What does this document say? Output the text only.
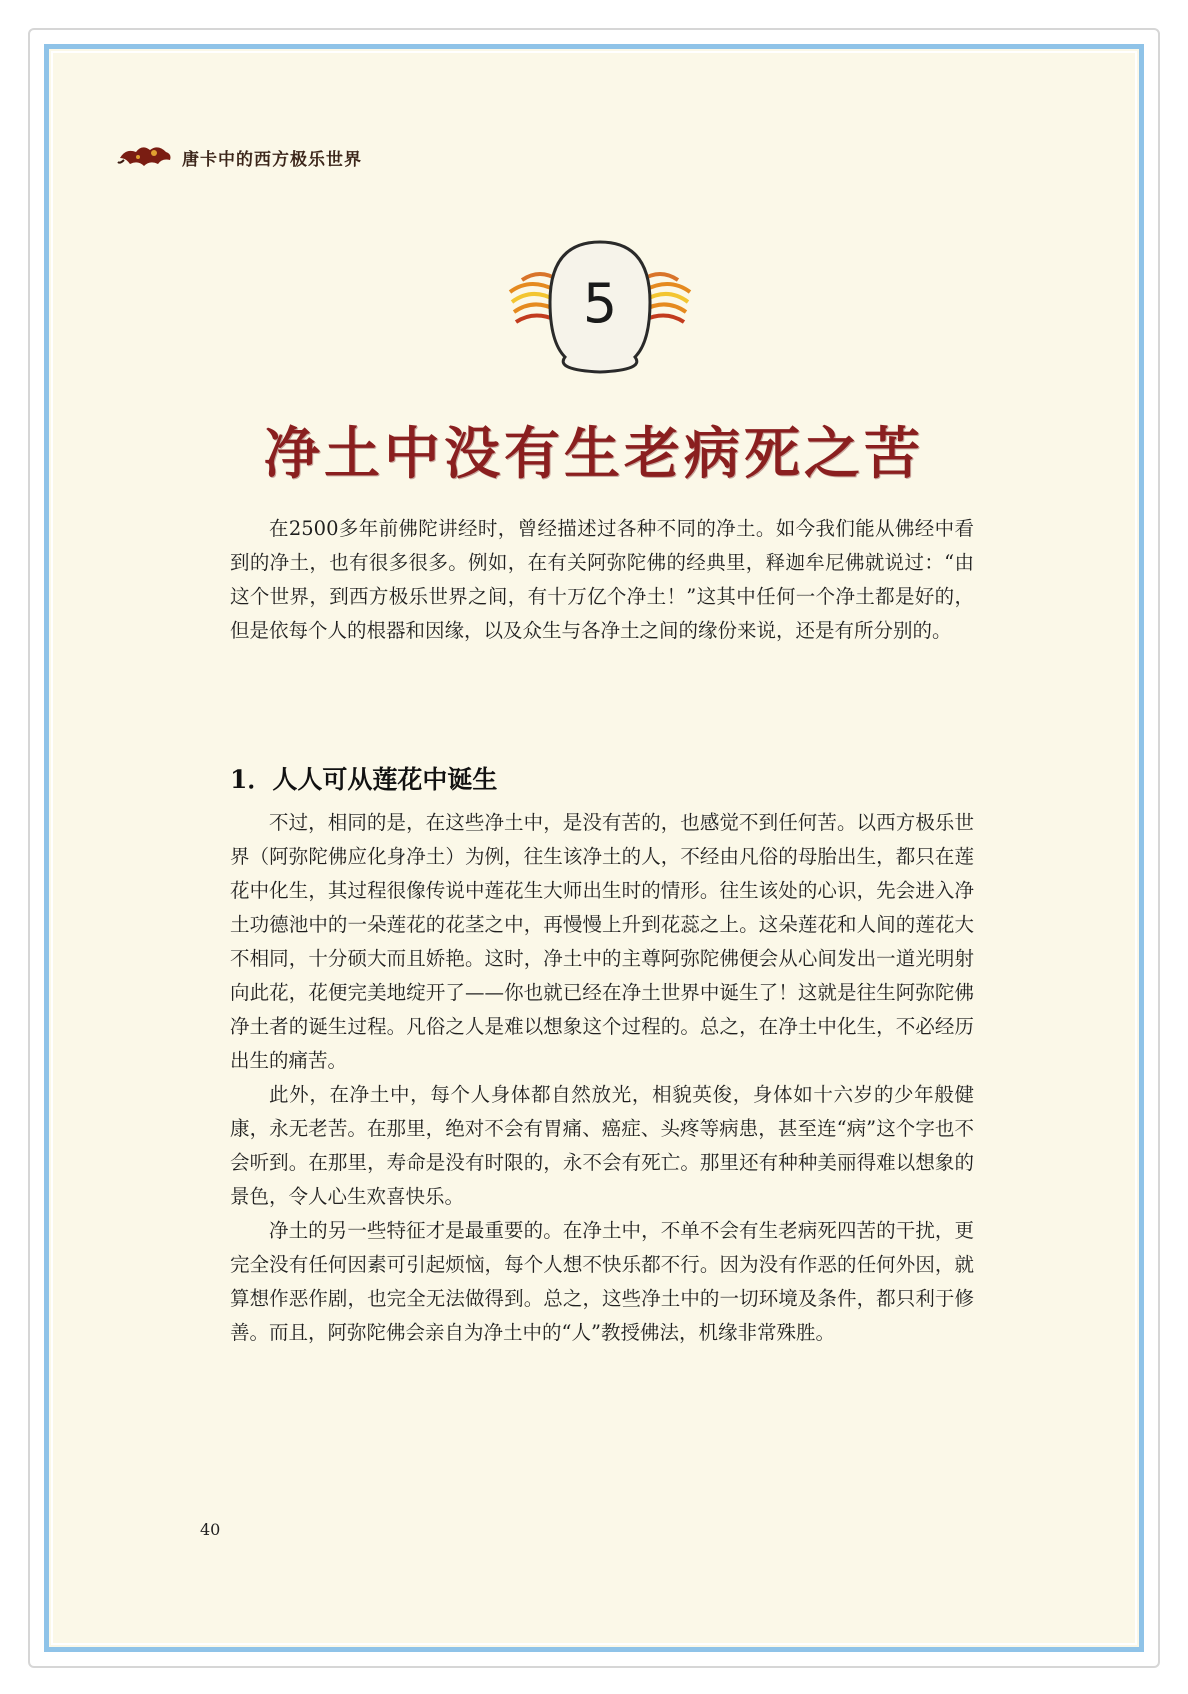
唐卡中的西方极乐世界
5
净土中没有生老病死之苦

在2500多年前佛陀讲经时，曾经描述过各种不同的净土。如今我们能从佛经中看到的净土，也有很多很多。例如，在有关阿弥陀佛的经典里，释迦牟尼佛就说过：“由这个世界，到西方极乐世界之间，有十万亿个净土！”这其中任何一个净土都是好的，但是依每个人的根器和因缘，以及众生与各净土之间的缘份来说，还是有所分别的。

1．人人可从莲花中诞生

不过，相同的是，在这些净土中，是没有苦的，也感觉不到任何苦。以西方极乐世界（阿弥陀佛应化身净土）为例，往生该净土的人，不经由凡俗的母胎出生，都只在莲花中化生，其过程很像传说中莲花生大师出生时的情形。往生该处的心识，先会进入净土功德池中的一朵莲花的花茎之中，再慢慢上升到花蕊之上。这朵莲花和人间的莲花大不相同，十分硕大而且娇艳。这时，净土中的主尊阿弥陀佛便会从心间发出一道光明射向此花，花便完美地绽开了——你也就已经在净土世界中诞生了！这就是往生阿弥陀佛净土者的诞生过程。凡俗之人是难以想象这个过程的。总之，在净土中化生，不必经历出生的痛苦。

此外，在净土中，每个人身体都自然放光，相貌英俊，身体如十六岁的少年般健康，永无老苦。在那里，绝对不会有胃痛、癌症、头疼等病患，甚至连“病”这个字也不会听到。在那里，寿命是没有时限的，永不会有死亡。那里还有种种美丽得难以想象的景色，令人心生欢喜快乐。

净土的另一些特征才是最重要的。在净土中，不单不会有生老病死四苦的干扰，更完全没有任何因素可引起烦恼，每个人想不快乐都不行。因为没有作恶的任何外因，就算想作恶作剧，也完全无法做得到。总之，这些净土中的一切环境及条件，都只利于修善。而且，阿弥陀佛会亲自为净土中的“人”教授佛法，机缘非常殊胜。

40
